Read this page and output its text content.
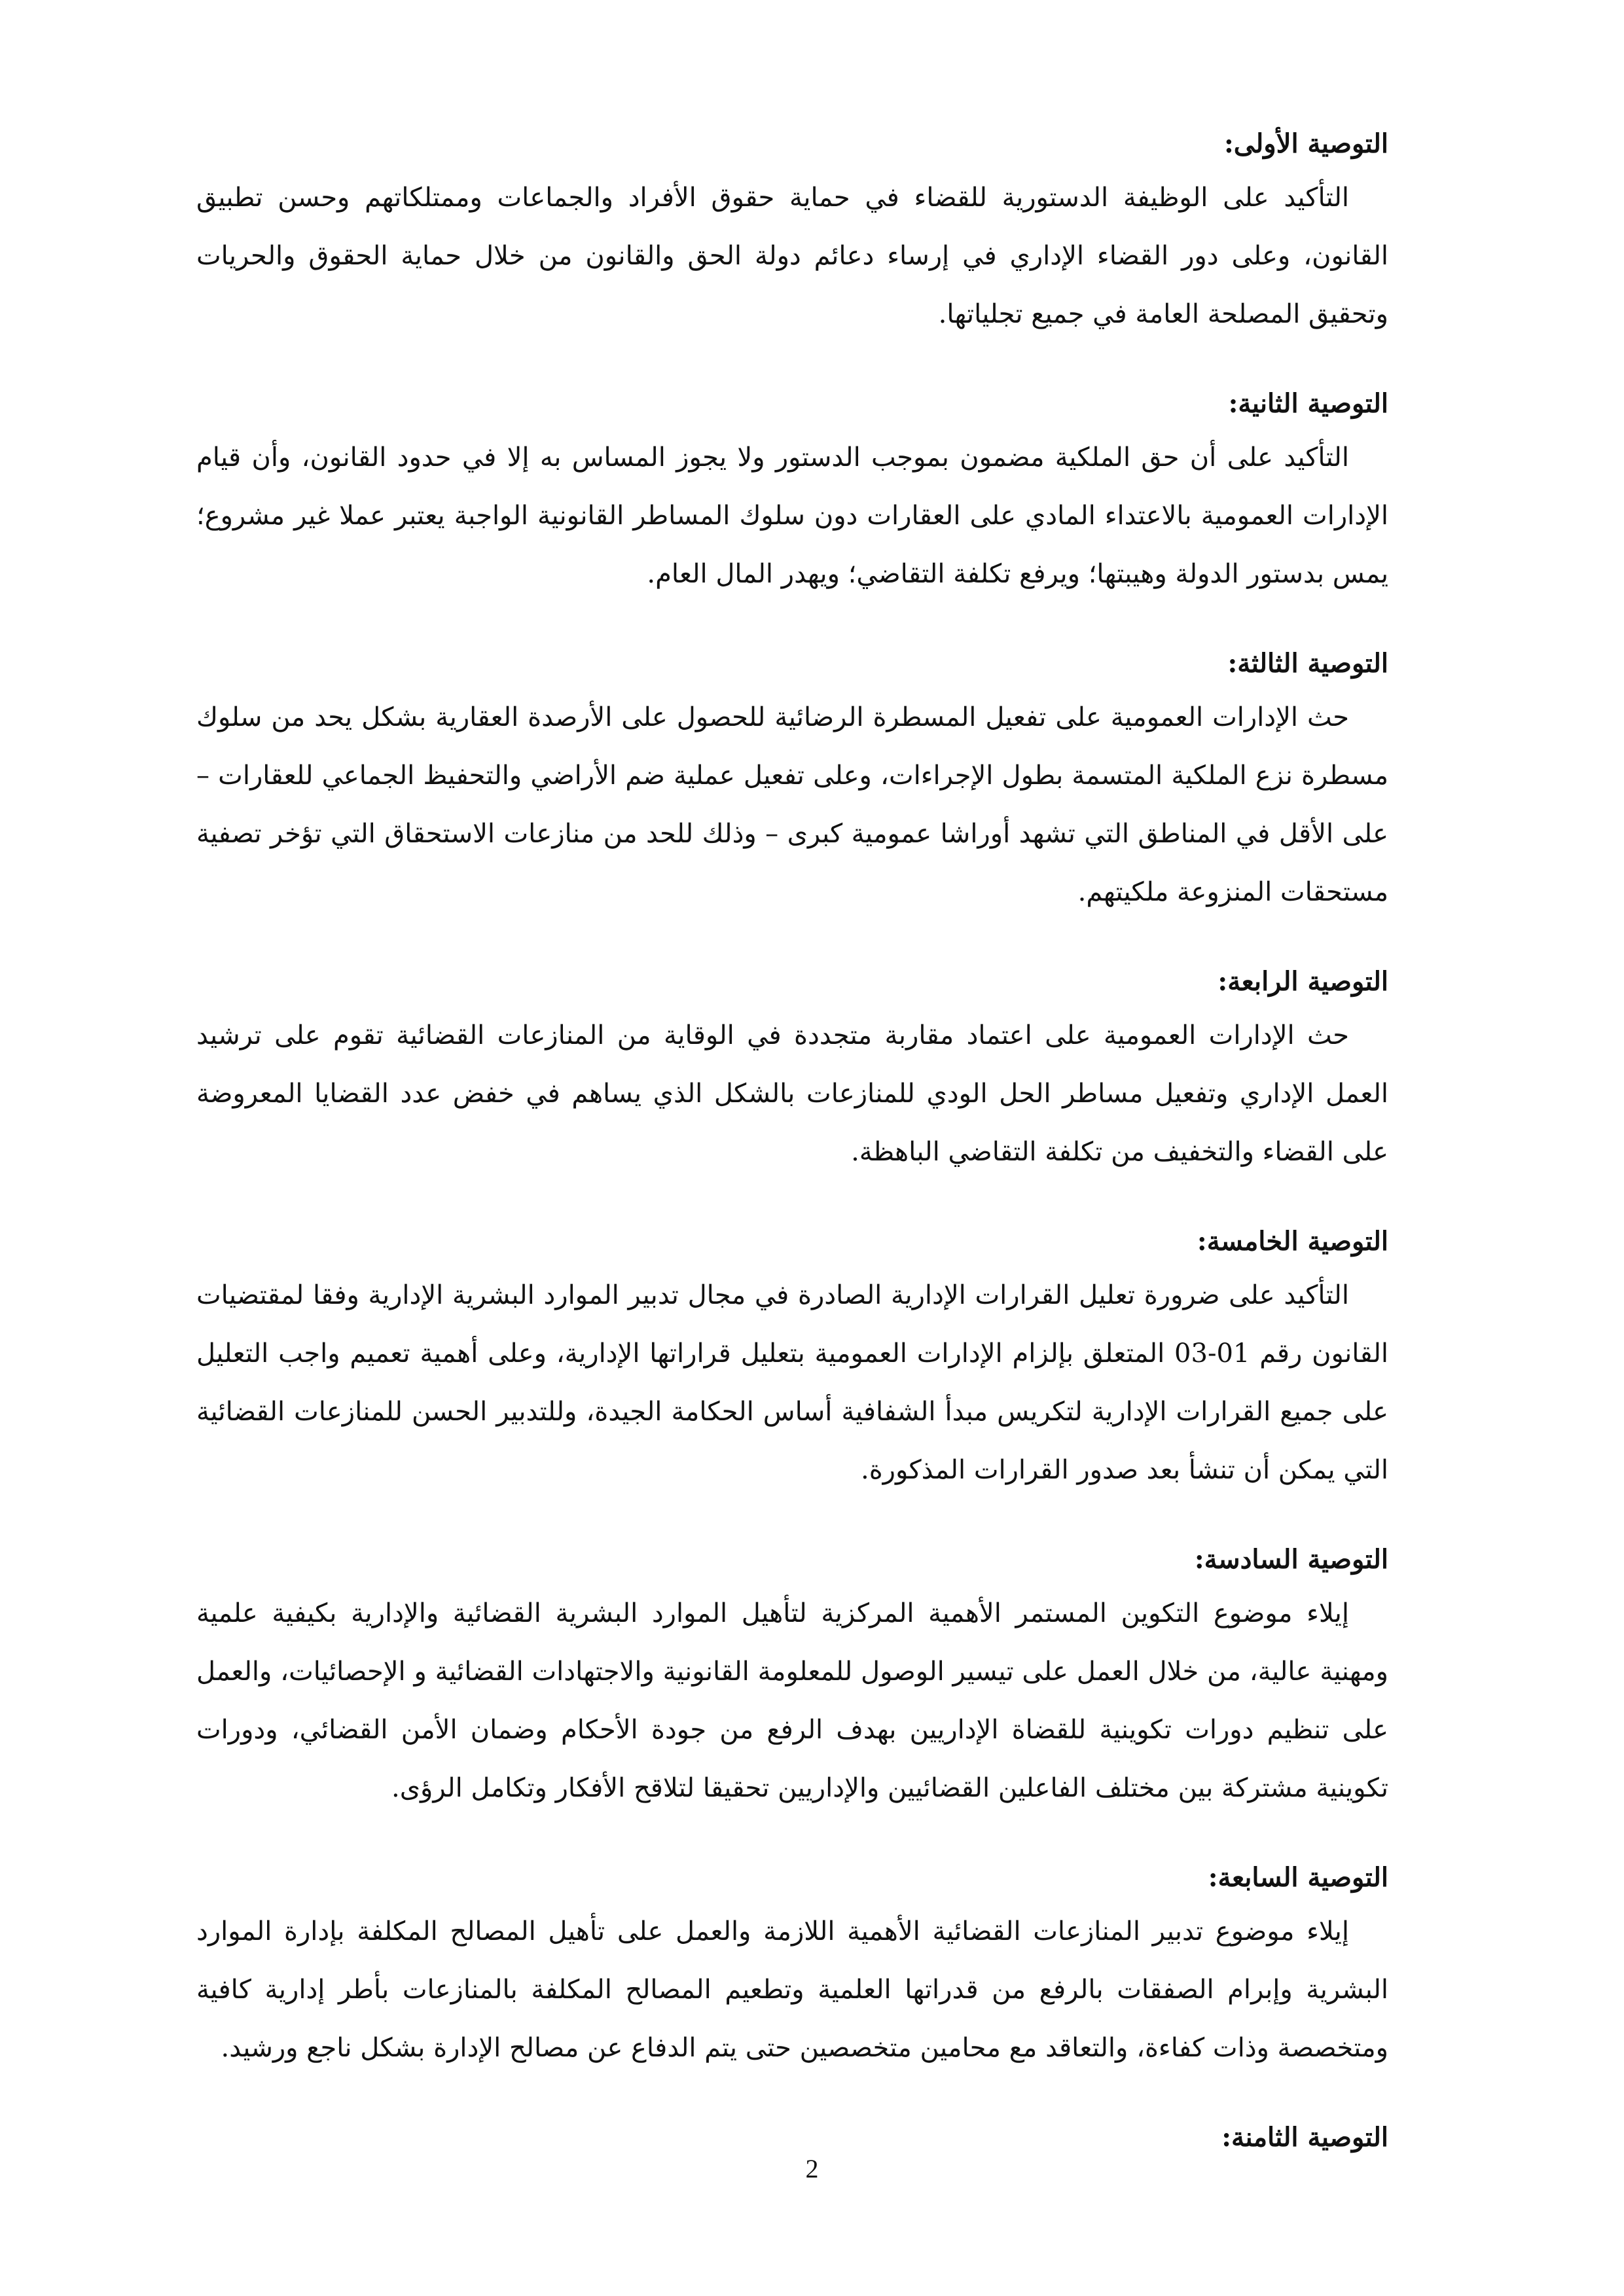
التوصية الأولى:

التأكيد على الوظيفة الدستورية للقضاء في حماية حقوق الأفراد والجماعات وممتلكاتهم وحسن تطبيق القانون، وعلى دور القضاء الإداري في إرساء دعائم دولة الحق والقانون من خلال حماية الحقوق والحريات وتحقيق المصلحة العامة في جميع تجلياتها.

التوصية الثانية:

التأكيد على أن حق الملكية مضمون بموجب الدستور ولا يجوز المساس به إلا في حدود القانون، وأن قيام الإدارات العمومية بالاعتداء المادي على العقارات دون سلوك المساطر القانونية الواجبة يعتبر عملا غير مشروع؛ يمس بدستور الدولة وهيبتها؛ ويرفع تكلفة التقاضي؛ ويهدر المال العام.

التوصية الثالثة:

حث الإدارات العمومية على تفعيل المسطرة الرضائية للحصول على الأرصدة العقارية بشكل يحد من سلوك مسطرة نزع الملكية المتسمة بطول الإجراءات، وعلى تفعيل عملية ضم الأراضي والتحفيظ الجماعي للعقارات – على الأقل في المناطق التي تشهد أوراشا عمومية كبرى – وذلك للحد من منازعات الاستحقاق التي تؤخر تصفية مستحقات المنزوعة ملكيتهم.

التوصية الرابعة:

حث الإدارات العمومية على اعتماد مقاربة متجددة في الوقاية من المنازعات القضائية تقوم على ترشيد العمل الإداري وتفعيل مساطر الحل الودي للمنازعات بالشكل الذي يساهم في خفض عدد القضايا المعروضة على القضاء والتخفيف من تكلفة التقاضي الباهظة.

التوصية الخامسة:

التأكيد على ضرورة تعليل القرارات الإدارية الصادرة في مجال تدبير الموارد البشرية الإدارية وفقا لمقتضيات القانون رقم 01-03 المتعلق بإلزام الإدارات العمومية بتعليل قراراتها الإدارية، وعلى أهمية تعميم واجب التعليل على جميع القرارات الإدارية لتكريس مبدأ الشفافية أساس الحكامة الجيدة، وللتدبير الحسن للمنازعات القضائية التي يمكن أن تنشأ بعد صدور القرارات المذكورة.

التوصية السادسة:

إيلاء موضوع التكوين المستمر الأهمية المركزية لتأهيل الموارد البشرية القضائية والإدارية بكيفية علمية ومهنية عالية، من خلال العمل على تيسير الوصول للمعلومة القانونية والاجتهادات القضائية و الإحصائيات، والعمل على تنظيم دورات تكوينية للقضاة الإداريين بهدف الرفع من جودة الأحكام وضمان الأمن القضائي، ودورات تكوينية مشتركة بين مختلف الفاعلين القضائيين والإداريين تحقيقا لتلاقح الأفكار وتكامل الرؤى.

التوصية السابعة:

إيلاء موضوع تدبير المنازعات القضائية الأهمية اللازمة والعمل على تأهيل المصالح المكلفة بإدارة الموارد البشرية وإبرام الصفقات بالرفع من قدراتها العلمية وتطعيم المصالح المكلفة بالمنازعات بأطر إدارية كافية ومتخصصة وذات كفاءة، والتعاقد مع محامين متخصصين حتى يتم الدفاع عن مصالح الإدارة بشكل ناجع ورشيد.

التوصية الثامنة:

2
